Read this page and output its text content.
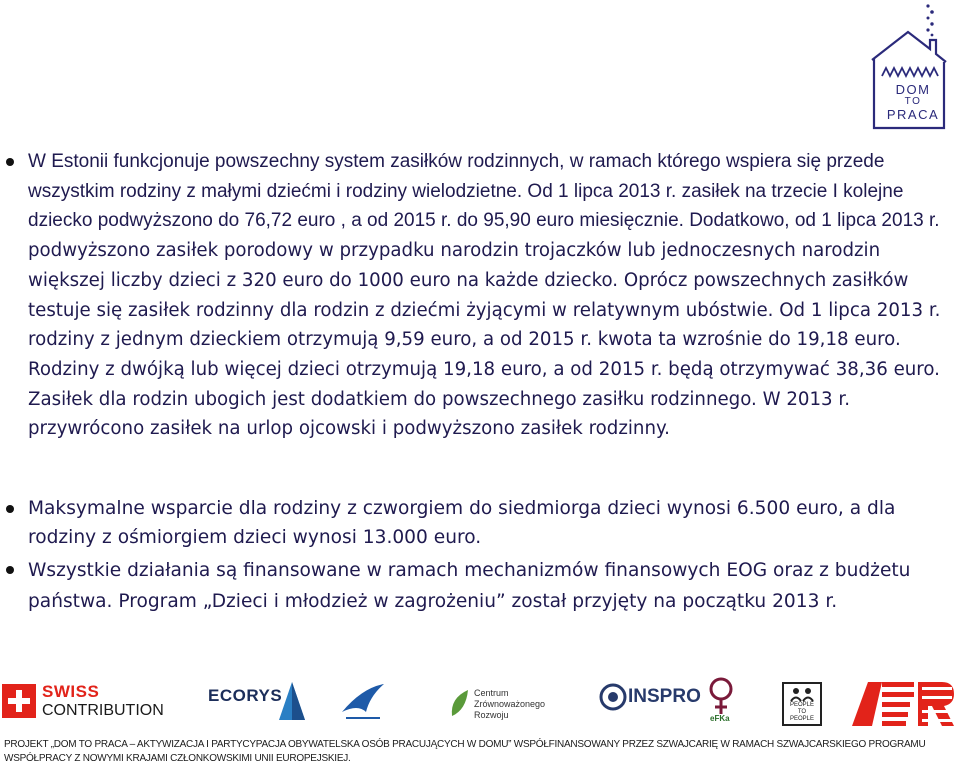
DOM
TO
PRACA
W Estonii funkcjonuje powszechny system zasiłków rodzinnych, w ramach którego wspiera się przede wszystkim rodziny z małymi dziećmi i rodziny wielodzietne. Od 1 lipca 2013 r. zasiłek na trzecie I kolejne dziecko podwyższono do 76,72 euro , a od 2015 r. do 95,90 euro miesięcznie. Dodatkowo, od 1 lipca 2013 r. podwyższono zasiłek porodowy w przypadku narodzin trojaczków lub jednoczesnych narodzin większej liczby dzieci z 320 euro do 1000 euro na każde dziecko. Oprócz powszechnych zasiłków testuje się zasiłek rodzinny dla rodzin z dziećmi żyjącymi w relatywnym ubóstwie. Od 1 lipca 2013 r. rodziny z jednym dzieckiem otrzymują 9,59 euro, a od 2015 r. kwota ta wzrośnie do 19,18 euro. Rodziny z dwójką lub więcej dzieci otrzymują 19,18 euro, a od 2015 r. będą otrzymywać 38,36 euro. Zasiłek dla rodzin ubogich jest dodatkiem do powszechnego zasiłku rodzinnego. W 2013 r. przywrócono zasiłek na urlop ojcowski i podwyższono zasiłek rodzinny.
Maksymalne wsparcie dla rodziny z czworgiem do siedmiorga dzieci wynosi 6.500 euro, a dla rodziny z ośmiorgiem dzieci wynosi 13.000 euro.
Wszystkie działania są finansowane w ramach mechanizmów finansowych EOG oraz z budżetu państwa. Program „Dzieci i młodzież w zagrożeniu” został przyjęty na początku 2013 r.
SWISS
CONTRIBUTION
ECORYS	Centrum
Zrównoważonego
Rozwoju
INSPRO
eFKa
PEOPLE
TO
PEOPLE
PROJEKT „DOM TO PRACA – AKTYWIZACJA I PARTYCYPACJA OBYWATELSKA OSÓB PRACUJĄCYCH W DOMU” WSPÓŁFINANSOWANY PRZEZ SZWAJCARIĘ W RAMACH SZWAJCARSKIEGO PROGRAMU
WSPÓŁPRACY Z NOWYMI KRAJAMI CZŁONKOWSKIMI UNII EUROPEJSKIEJ.
